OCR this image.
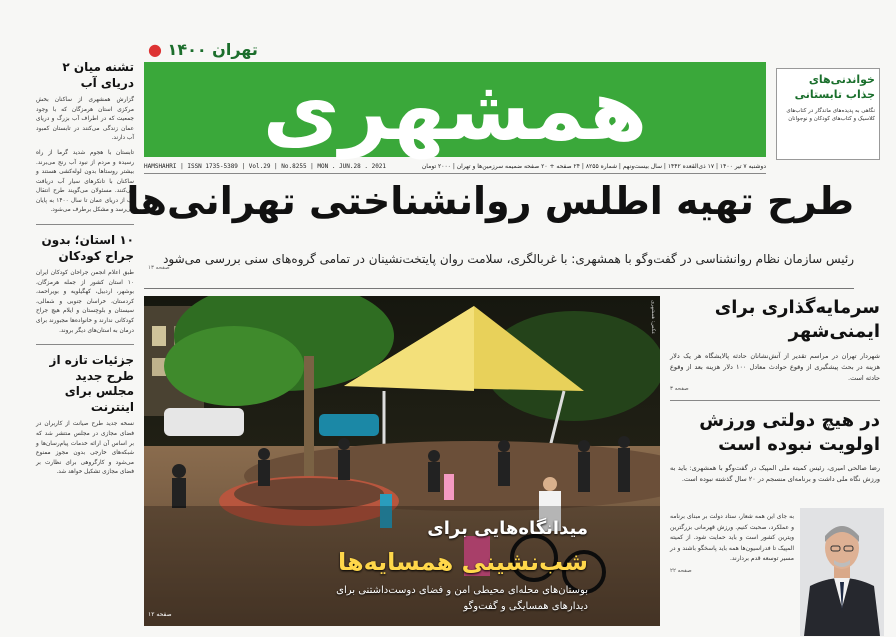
تشنه میان ۲ دریای آب
گزارش همشهری از ساکنان بخش مرکزی استان هرمزگان که با وجود جمعیت‌ که در اطراف آب بزرگ و دریای عمان زندگی می‌کنند در تابستان کمبود آب دارند.
تابستان با هجوم شدید گرما از راه رسیده و مردم از نبود آب رنج می‌برند. بیشتر روستاها بدون لوله‌کشی هستند و ساکنان با تانکرهای سیار آب دریافت می‌کنند. مسئولان می‌گویند طرح انتقال آب از دریای عمان تا سال ۱۴۰۰ به پایان می‌رسد و مشکل برطرف می‌شود.
۱۰ استان؛ بدون جراح کودکان
طبق اعلام انجمن جراحان کودکان ایران ۱۰ استان کشور از جمله هرمزگان، بوشهر، اردبیل، کهگیلویه و بویراحمد، کردستان، خراسان جنوبی و شمالی، سیستان و بلوچستان و ایلام هیچ جراح کودکانی ندارند و خانواده‌ها مجبورند برای درمان به استان‌های دیگر بروند.
جزئیات تازه از طرح جدید مجلس برای اینترنت
نسخه جدید طرح صیانت از کاربران در فضای مجازی در مجلس منتشر شد که بر اساس آن ارائه خدمات پیام‌رسان‌ها و شبکه‌های خارجی بدون مجوز ممنوع می‌شود و کارگروهی برای نظارت بر فضای مجازی تشکیل خواهد شد.
● تهران ۱۴۰۰
همشهری	خواندنی‌های جذاب تابستانی
نگاهی به پدیده‌های ماندگار در کتاب‌های کلاسیک و کتاب‌های کودکان و نوجوانان
دوشنبه ۷ تیر ۱۴۰۰ | ۱۷ ذی‌القعده ۱۴۴۲ | سال بیست‌ونهم | شماره ۸۲۵۵ | ۲۴ صفحه + ۲۰ صفحه ضمیمه سرزمین‌ها و تهران | ۲۰۰۰ تومان
HAMSHAHRI | ISSN 1735-5389 | Vol.29 | No.8255 | MON . JUN.28 . 2021
طرح تهیه اطلس روانشناختی تهرانی‌ها
رئیس سازمان نظام روانشناسی در گفت‌وگو با همشهری: با غربالگری، سلامت روان پایتخت‌نشینان در تمامی گروه‌های سنی بررسی می‌شود
صفحه ۱۳
میدانگاه‌هایی برای
شب‌نشینی همسایه‌ها
بوستان‌های محله‌ای محیطی امن و فضای دوست‌داشتنی برای
دیدارهای همسایگی و گفت‌وگو
عکس: همشهری
صفحه ۱۲
سرمایه‌گذاری برای ایمنی‌شهر
شهردار تهران در مراسم تقدیر از آتش‌نشانان حادثه پالایشگاه هر یک دلار هزینه در بحث پیشگیری از وقوع حوادث معادل ۱۰۰ دلار هزینه بعد از وقوع حادثه است.
صفحه ۳
در هیچ دولتی ورزش اولویت نبوده است
رضا صالحی امیری، رئیس کمیته ملی المپیک در گفت‌وگو با همشهری: باید به ورزش نگاه ملی داشت و برنامه‌ای منسجم در ۲۰ سال گذشته نبوده است.
به جای این همه شعار، ستاد دولت بر مبنای برنامه و عملکرد، صحبت کنیم. ورزش قهرمانی بزرگترین ویترین کشور است و باید حمایت شود. از کمیته المپیک تا فدراسیون‌ها همه باید پاسخگو باشند و در مسیر توسعه قدم بردارند.
صفحه ۲۲
